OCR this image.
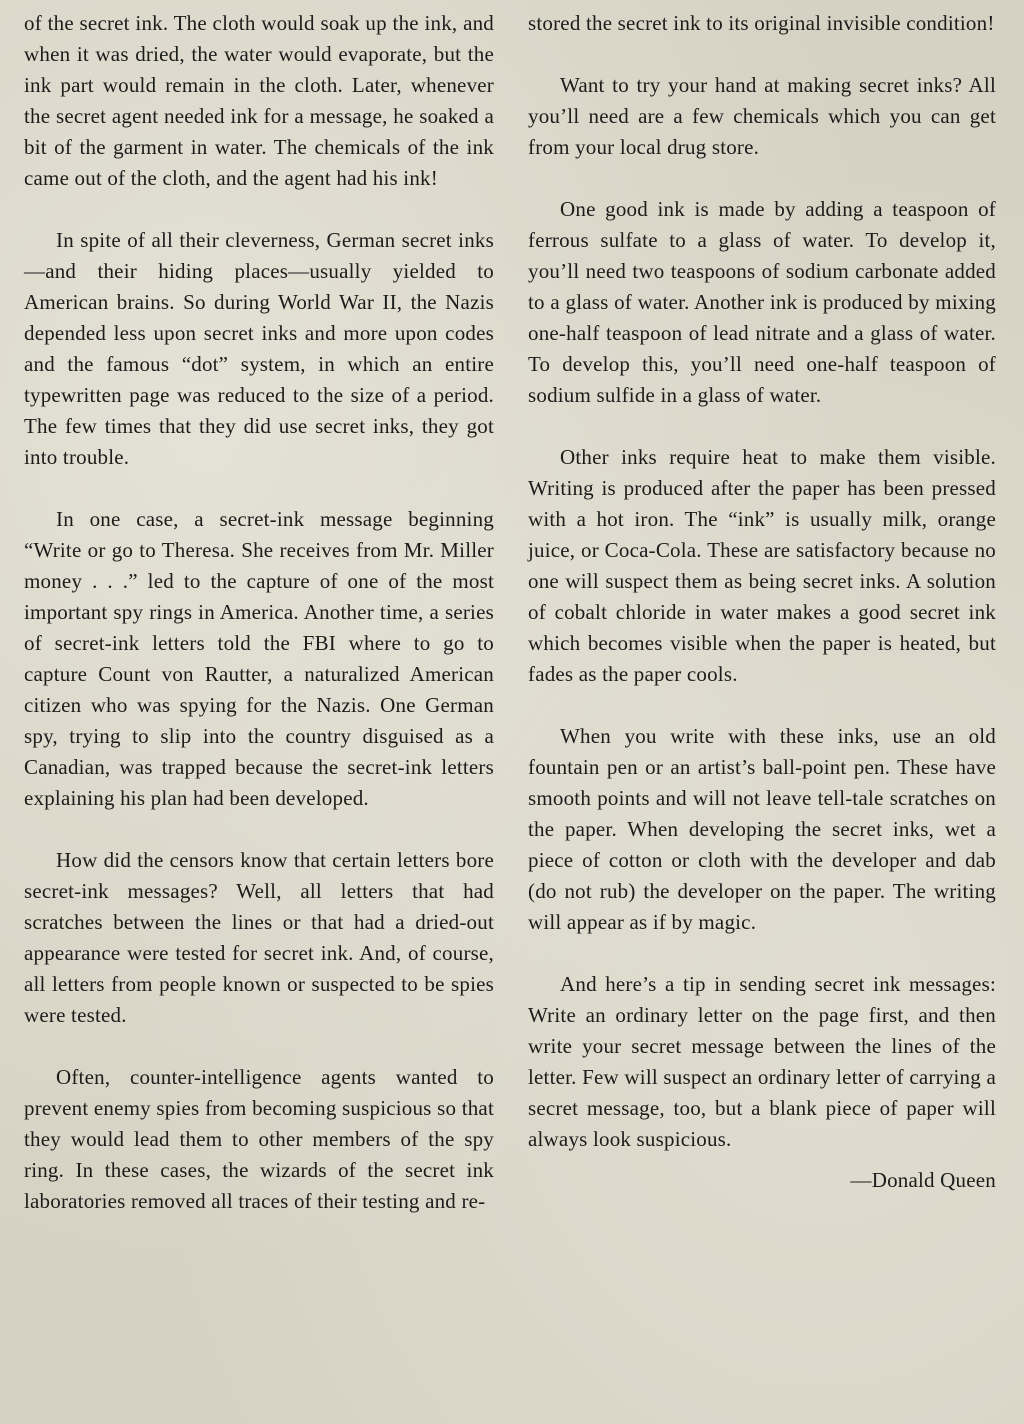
of the secret ink. The cloth would soak up the ink, and when it was dried, the water would evaporate, but the ink part would remain in the cloth. Later, whenever the secret agent needed ink for a message, he soaked a bit of the garment in water. The chemicals of the ink came out of the cloth, and the agent had his ink!

In spite of all their cleverness, German secret inks—and their hiding places—usually yielded to American brains. So during World War II, the Nazis depended less upon secret inks and more upon codes and the famous “dot” system, in which an entire typewritten page was reduced to the size of a period. The few times that they did use secret inks, they got into trouble.

In one case, a secret-ink message beginning “Write or go to Theresa. She receives from Mr. Miller money . . .” led to the capture of one of the most important spy rings in America. Another time, a series of secret-ink letters told the FBI where to go to capture Count von Rautter, a naturalized American citizen who was spying for the Nazis. One German spy, trying to slip into the country disguised as a Canadian, was trapped because the secret-ink letters explaining his plan had been developed.

How did the censors know that certain letters bore secret-ink messages? Well, all letters that had scratches between the lines or that had a dried-out appearance were tested for secret ink. And, of course, all letters from people known or suspected to be spies were tested.

Often, counter-intelligence agents wanted to prevent enemy spies from becoming suspicious so that they would lead them to other members of the spy ring. In these cases, the wizards of the secret ink laboratories removed all traces of their testing and re-

stored the secret ink to its original invisible condition!

Want to try your hand at making secret inks? All you’ll need are a few chemicals which you can get from your local drug store.

One good ink is made by adding a teaspoon of ferrous sulfate to a glass of water. To develop it, you’ll need two teaspoons of sodium carbonate added to a glass of water. Another ink is produced by mixing one-half teaspoon of lead nitrate and a glass of water. To develop this, you’ll need one-half teaspoon of sodium sulfide in a glass of water.

Other inks require heat to make them visible. Writing is produced after the paper has been pressed with a hot iron. The “ink” is usually milk, orange juice, or Coca-Cola. These are satisfactory because no one will suspect them as being secret inks. A solution of cobalt chloride in water makes a good secret ink which becomes visible when the paper is heated, but fades as the paper cools.

When you write with these inks, use an old fountain pen or an artist’s ball-point pen. These have smooth points and will not leave tell-tale scratches on the paper. When developing the secret inks, wet a piece of cotton or cloth with the developer and dab (do not rub) the developer on the paper. The writing will appear as if by magic.

And here’s a tip in sending secret ink messages: Write an ordinary letter on the page first, and then write your secret message between the lines of the letter. Few will suspect an ordinary letter of carrying a secret message, too, but a blank piece of paper will always look suspicious.

—Donald Queen
